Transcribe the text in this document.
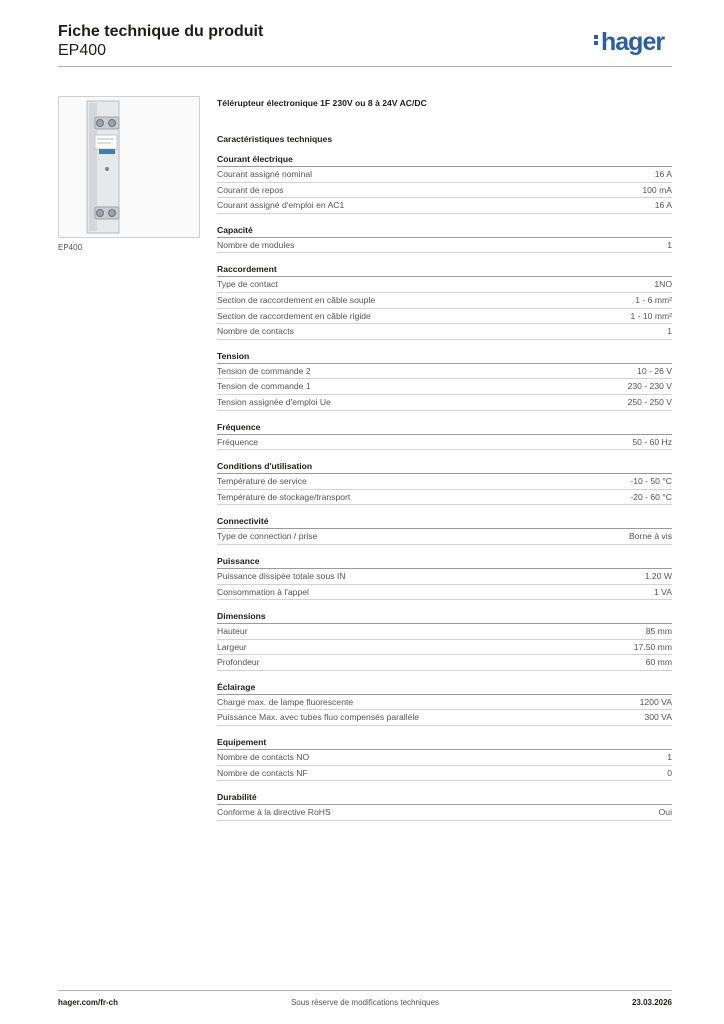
Fiche technique du produit
EP400	hager
EP400
Télérupteur électronique 1F 230V ou 8 à 24V AC/DC
Caractéristiques techniques
Courant électrique
Courant assigné nominal	16 A
Courant de repos	100 mA
Courant assigné d'emploi en AC1	16 A
Capacité
Nombre de modules	1
Raccordement
Type de contact	1NO
Section de raccordement en câble souple	1 - 6 mm²
Section de raccordement en câble rigide	1 - 10 mm²
Nombre de contacts	1
Tension
Tension de commande 2	10 - 26 V
Tension de commande 1	230 - 230 V
Tension assignée d'emploi Ue	250 - 250 V
Fréquence
Fréquence	50 - 60 Hz
Conditions d'utilisation
Température de service	-10 - 50 °C
Température de stockage/transport	-20 - 60 °C
Connectivité
Type de connection / prise	Borne à vis
Puissance
Puissance dissipée totale sous IN	1.20 W
Consommation à l'appel	1 VA
Dimensions
Hauteur	85 mm
Largeur	17.50 mm
Profondeur	60 mm
Éclairage
Charge max. de lampe fluorescente	1200 VA
Puissance Max. avec tubes fluo compensés parallèle	300 VA
Equipement
Nombre de contacts NO	1
Nombre de contacts NF	0
Durabilité
Conforme à la directive RoHS	Oui
Sous réserve de modifications techniques
hager.com/fr-ch	23.03.2026
